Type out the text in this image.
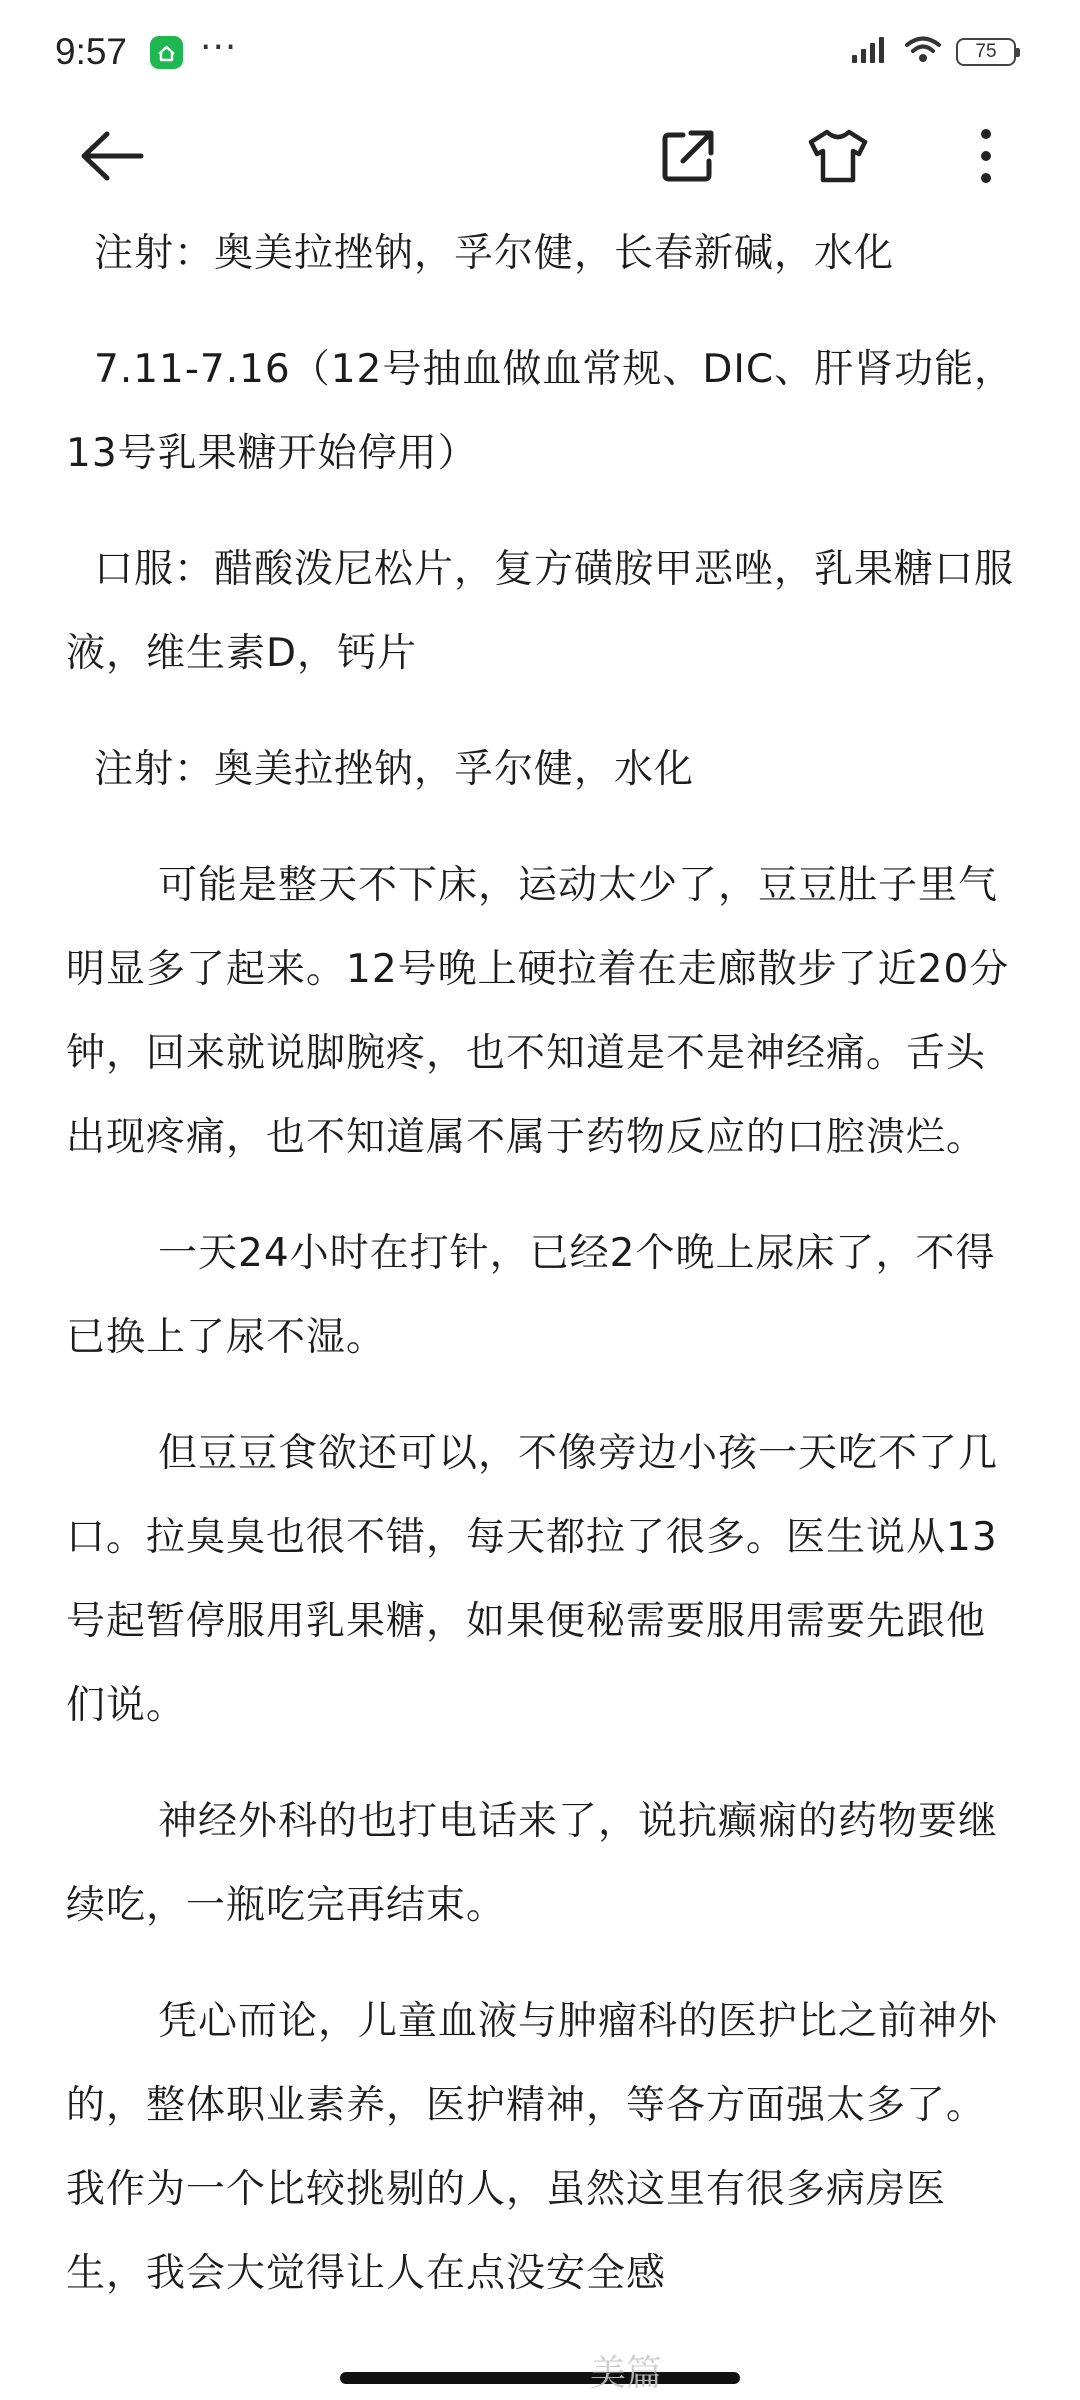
9:57 ···	75

注射：奥美拉挫钠，孚尔健，长春新碱，水化

7.11-7.16（12号抽血做血常规、DIC、肝肾功能，13号乳果糖开始停用）

口服：醋酸泼尼松片，复方磺胺甲恶唑，乳果糖口服液，维生素D，钙片

注射：奥美拉挫钠，孚尔健，水化

可能是整天不下床，运动太少了，豆豆肚子里气明显多了起来。12号晚上硬拉着在走廊散步了近20分钟，回来就说脚腕疼，也不知道是不是神经痛。舌头出现疼痛，也不知道属不属于药物反应的口腔溃烂。

一天24小时在打针，已经2个晚上尿床了，不得已换上了尿不湿。

但豆豆食欲还可以，不像旁边小孩一天吃不了几口。拉臭臭也很不错，每天都拉了很多。医生说从13号起暂停服用乳果糖，如果便秘需要服用需要先跟他们说。

神经外科的也打电话来了，说抗癫痫的药物要继续吃，一瓶吃完再结束。

凭心而论，儿童血液与肿瘤科的医护比之前神外的，整体职业素养，医护精神，等各方面强太多了。我作为一个比较挑剔的人，虽然这里有很多病房医生，我会大觉得让人在点没安全感

美篇
